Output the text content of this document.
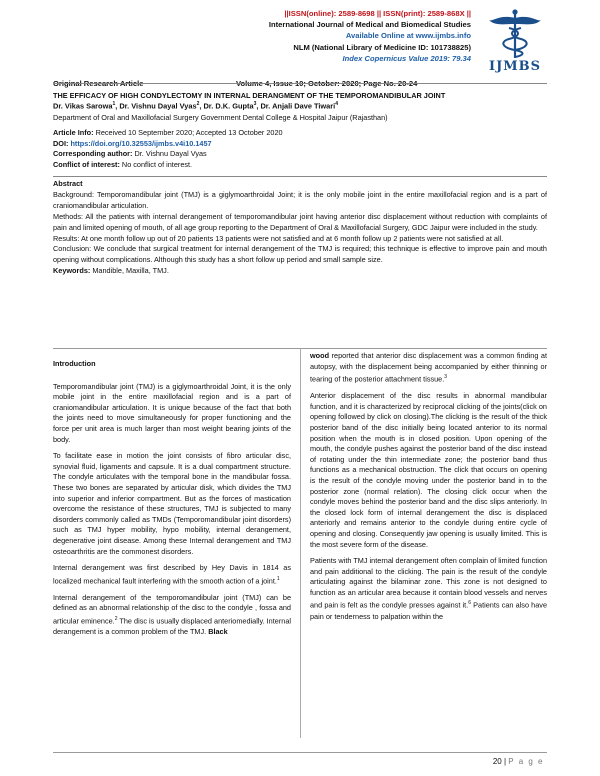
||ISSN(online): 2589-8698 || ISSN(print): 2589-868X ||
International Journal of Medical and Biomedical Studies
Available Online at www.ijmbs.info
NLM (National Library of Medicine ID: 101738825)
Index Copernicus Value 2019: 79.34
IJMBS
Original Research Article	Volume 4, Issue 10; October: 2020; Page No. 20-24
THE EFFICACY OF HIGH CONDYLECTOMY IN INTERNAL DERANGMENT OF THE TEMPOROMANDIBULAR JOINT
Dr. Vikas Sarowa$^1$, Dr. Vishnu Dayal Vyas$^2$, Dr. D.K. Gupta$^3$, Dr. Anjali Dave Tiwari$^4$
Department of Oral and Maxillofacial Surgery Government Dental College & Hospital Jaipur (Rajasthan)
Article Info: Received 10 September 2020; Accepted 13 October 2020
DOI: https://doi.org/10.32553/ijmbs.v4i10.1457
Corresponding author: Dr. Vishnu Dayal Vyas
Conflict of interest: No conflict of interest.

Abstract

Background: Temporomandibular joint (TMJ) is a giglymoarthroidal Joint; it is the only mobile joint in the entire maxillofacial region and is a part of craniomandibular articulation.

Methods: All the patients with internal derangement of temporomandibular joint having anterior disc displacement without reduction with complaints of pain and limited opening of mouth, of all age group reporting to the Department of Oral & Maxillofacial Surgery, GDC Jaipur were included in the study.

Results: At one month follow up out of 20 patients 13 patients were not satisfied and at 6 month follow up 2 patients were not satisfied at all.

Conclusion: We conclude that surgical treatment for internal derangement of the TMJ is required; this technique is effective to improve pain and mouth opening without complications. Although this study has a short follow up period and small sample size.

Keywords: Mandible, Maxilla, TMJ.

Introduction

Temporomandibular joint (TMJ) is a giglymoarthroidal Joint, it is the only mobile joint in the entire maxillofacial region and is a part of craniomandibular articulation. It is unique because of the fact that both the joints need to move simultaneously for proper functioning and the force per unit area is much larger than most weight bearing joints of the body.

To facilitate ease in motion the joint consists of fibro articular disc, synovial fluid, ligaments and capsule. It is a dual compartment structure. The condyle articulates with the temporal bone in the mandibular fossa. These two bones are separated by articular disk, which divides the TMJ into superior and inferior compartment. But as the forces of mastication overcome the resistance of these structures, TMJ is subjected to many disorders commonly called as TMDs (Temporomandibular joint disorders) such as TMJ hyper mobility, hypo mobility, internal derangement, degenerative joint disease. Among these Internal derangement and TMJ osteoarthritis are the commonest disorders.

Internal derangement was first described by Hey Davis in 1814 as localized mechanical fault interfering with the smooth action of a joint.$^1$

Internal derangement of the temporomandibular joint (TMJ) can be defined as an abnormal relationship of the disc to the condyle , fossa and articular eminence.$^2$ The disc is usually displaced anteriomedially. Internal derangement is a common problem of the TMJ. Black

wood reported that anterior disc displacement was a common finding at autopsy, with the displacement being accompanied by either thinning or tearing of the posterior attachment tissue.$^3$

Anterior displacement of the disc results in abnormal mandibular function, and it is characterized by reciprocal clicking of the joints(click on opening followed by click on closing).The clicking is the result of the thick posterior band of the disc initially being located anterior to its normal position when the mouth is in closed position. Upon opening of the mouth, the condyle pushes against the posterior band of the disc instead of rotating under the thin intermediate zone; the posterior band thus functions as a mechanical obstruction. The click that occurs on opening is the result of the condyle moving under the posterior band in to the posterior zone (normal relation). The closing click occur when the condyle moves behind the posterior band and the disc slips anteriorly. In the closed lock form of internal derangement the disc is displaced anteriorly and remains anterior to the condyle during entire cycle of opening and closing. Consequently jaw opening is usually limited. This is the most severe form of the disease.

Patients with TMJ internal derangement often complain of limited function and pain additional to the clicking. The pain is the result of the condyle articulating against the bilaminar zone. This zone is not designed to function as an articular area because it contain blood vessels and nerves and pain is felt as the condyle presses against it.$^6$ Patients can also have pain or tenderness to palpation within the

20 | P a g e
